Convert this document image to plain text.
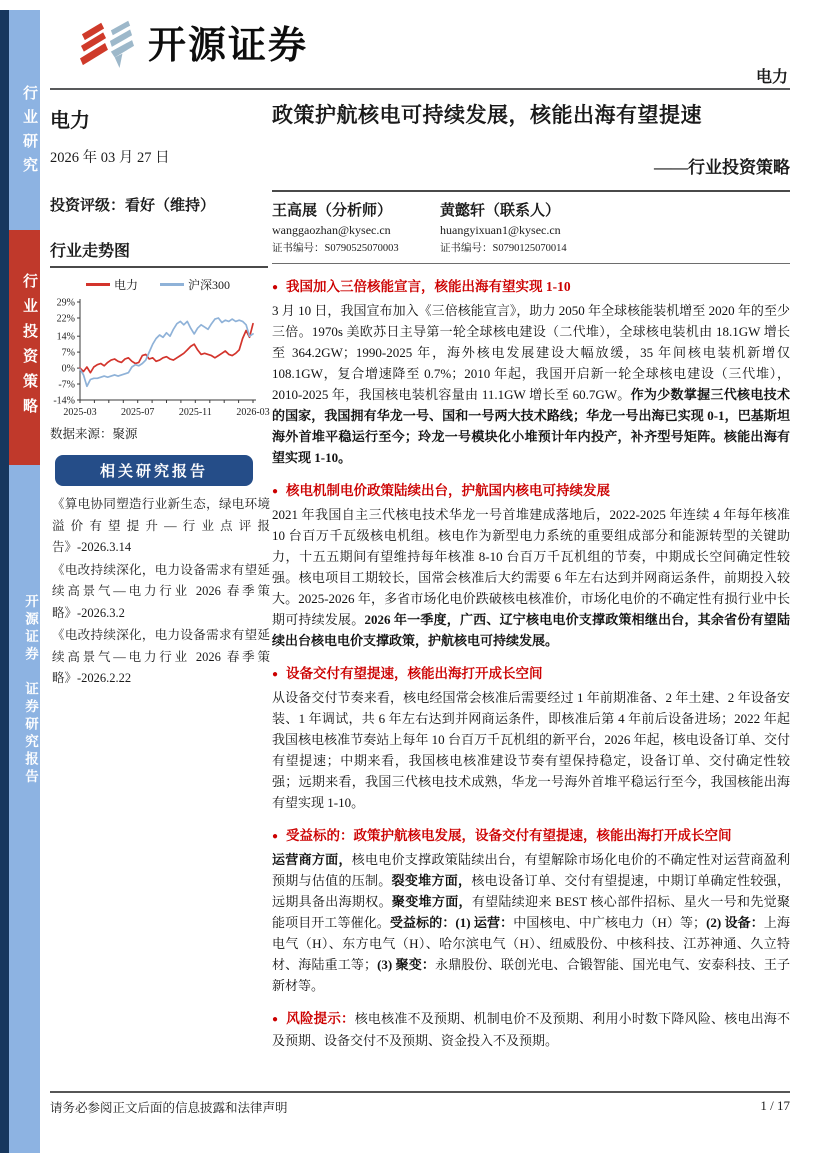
行业研究
行业投资策略
开源证券　证券研究报告
开源证券
电力
电力
2026 年 03 月 27 日
投资评级：看好（维持）
行业走势图
电力	沪深300
29%
22%
14%
7%
0%
-7%
-14%
2025-03 2025-07 2025-11 2026-03
数据来源：聚源
相关研究报告
《算电协同塑造行业新生态，绿电环境溢价有望提升—行业点评报告》-2026.3.14
《电改持续深化，电力设备需求有望延续高景气—电力行业 2026 春季策略》-2026.3.2
《电改持续深化，电力设备需求有望延续高景气—电力行业 2026 春季策略》-2026.2.22
政策护航核电可持续发展，核能出海有望提速
——行业投资策略
王高展（分析师）
wanggaozhan@kysec.cn
证书编号：S0790525070003
黄懿轩（联系人）
huangyixuan1@kysec.cn
证书编号：S0790125070014
● 我国加入三倍核能宣言，核能出海有望实现 1-10

3 月 10 日，我国宣布加入《三倍核能宣言》，助力 2050 年全球核能装机增至 2020 年的至少三倍。1970s 美欧苏日主导第一轮全球核电建设（二代堆），全球核电装机由 18.1GW 增长至 364.2GW；1990-2025 年，海外核电发展建设大幅放缓，35 年间核电装机新增仅 108.1GW，复合增速降至 0.7%；2010 年起，我国开启新一轮全球核电建设（三代堆），2010-2025 年，我国核电装机容量由 11.1GW 增长至 60.7GW。作为少数掌握三代核电技术的国家，我国拥有华龙一号、国和一号两大技术路线；华龙一号出海已实现 0-1，巴基斯坦海外首堆平稳运行至今；玲龙一号模块化小堆预计年内投产，补齐型号矩阵。核能出海有望实现 1-10。

● 核电机制电价政策陆续出台，护航国内核电可持续发展

2021 年我国自主三代核电技术华龙一号首堆建成落地后，2022-2025 年连续 4 年每年核准 10 台百万千瓦级核电机组。核电作为新型电力系统的重要组成部分和能源转型的关键助力，十五五期间有望维持每年核准 8-10 台百万千瓦机组的节奏，中期成长空间确定性较强。核电项目工期较长，国常会核准后大约需要 6 年左右达到并网商运条件，前期投入较大。2025-2026 年，多省市场化电价跌破核电核准价，市场化电价的不确定性有损行业中长期可持续发展。2026 年一季度，广西、辽宁核电电价支撑政策相继出台，其余省份有望陆续出台核电电价支撑政策，护航核电可持续发展。

● 设备交付有望提速，核能出海打开成长空间

从设备交付节奏来看，核电经国常会核准后需要经过 1 年前期准备、2 年土建、2 年设备安装、1 年调试，共 6 年左右达到并网商运条件，即核准后第 4 年前后设备进场；2022 年起我国核电核准节奏站上每年 10 台百万千瓦机组的新平台，2026 年起，核电设备订单、交付有望提速；中期来看，我国核电核准建设节奏有望保持稳定，设备订单、交付确定性较强；远期来看，我国三代核电技术成熟，华龙一号海外首堆平稳运行至今，我国核能出海有望实现 1-10。

● 受益标的：政策护航核电发展，设备交付有望提速，核能出海打开成长空间

运营商方面，核电电价支撑政策陆续出台，有望解除市场化电价的不确定性对运营商盈利预期与估值的压制。裂变堆方面，核电设备订单、交付有望提速，中期订单确定性较强，远期具备出海期权。聚变堆方面，有望陆续迎来 BEST 核心部件招标、星火一号和先觉聚能项目开工等催化。受益标的：(1) 运营：中国核电、中广核电力（H）等；(2) 设备：上海电气（H）、东方电气（H）、哈尔滨电气（H）、纽威股份、中核科技、江苏神通、久立特材、海陆重工等；(3) 聚变：永鼎股份、联创光电、合锻智能、国光电气、安泰科技、王子新材等。

● 风险提示：核电核准不及预期、机制电价不及预期、利用小时数下降风险、核电出海不及预期、设备交付不及预期、资金投入不及预期。
请务必参阅正文后面的信息披露和法律声明	1 / 17
